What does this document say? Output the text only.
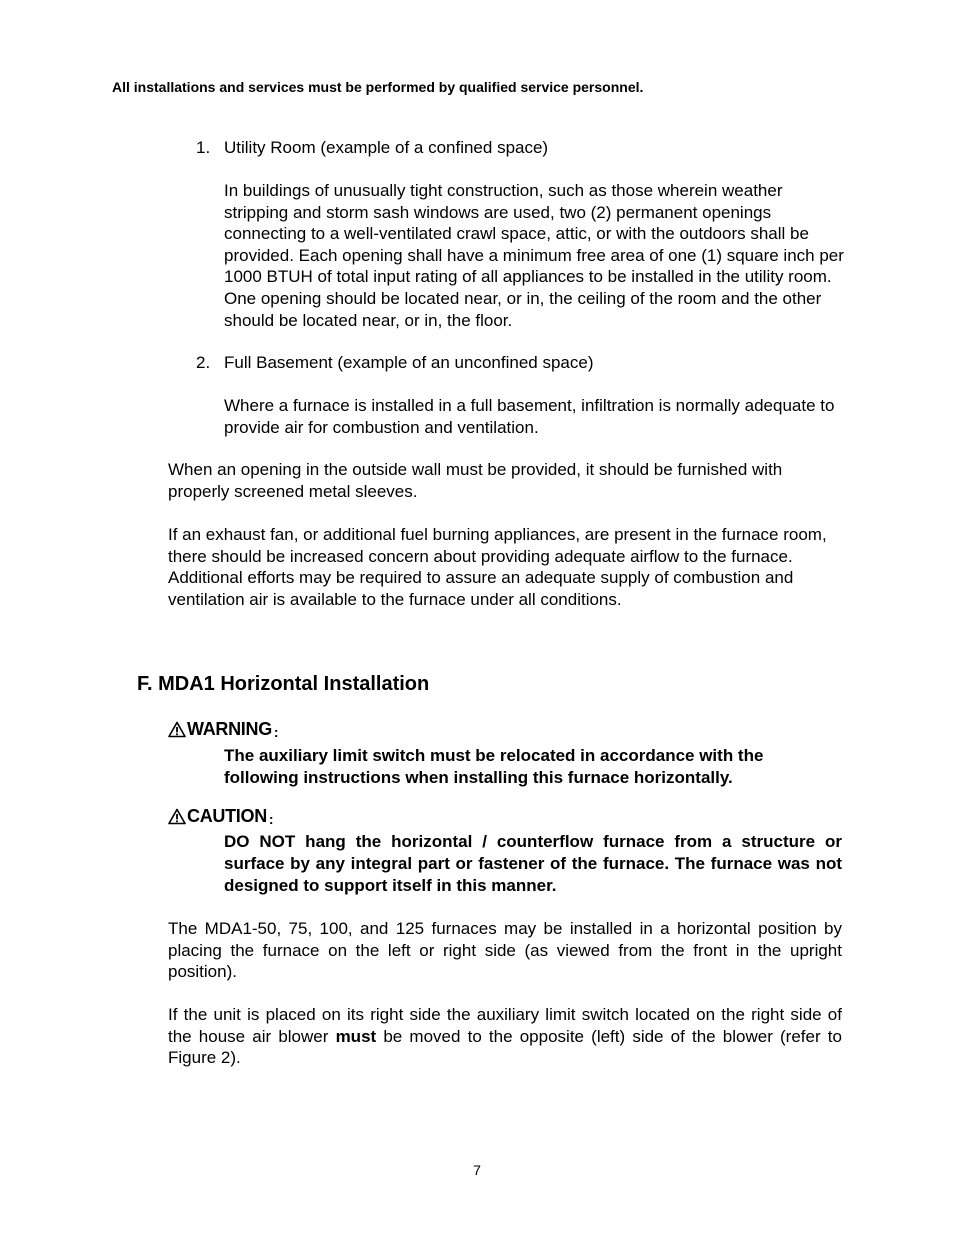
All installations and services must be performed by qualified service personnel.
1. Utility Room (example of a confined space)
In buildings of unusually tight construction, such as those wherein weather stripping and storm sash windows are used, two (2) permanent openings connecting to a well-ventilated crawl space, attic, or with the outdoors shall be provided. Each opening shall have a minimum free area of one (1) square inch per 1000 BTUH of total input rating of all appliances to be installed in the utility room. One opening should be located near, or in, the ceiling of the room and the other should be located near, or in, the floor.
2. Full Basement (example of an unconfined space)
Where a furnace is installed in a full basement, infiltration is normally adequate to provide air for combustion and ventilation.
When an opening in the outside wall must be provided, it should be furnished with properly screened metal sleeves.
If an exhaust fan, or additional fuel burning appliances, are present in the furnace room, there should be increased concern about providing adequate airflow to the furnace. Additional efforts may be required to assure an adequate supply of combustion and ventilation air is available to the furnace under all conditions.
F. MDA1 Horizontal Installation
WARNING :
The auxiliary limit switch must be relocated in accordance with the following instructions when installing this furnace horizontally.
CAUTION :
DO NOT hang the horizontal / counterflow furnace from a structure or surface by any integral part or fastener of the furnace. The furnace was not designed to support itself in this manner.
The MDA1-50, 75, 100, and 125 furnaces may be installed in a horizontal position by placing the furnace on the left or right side (as viewed from the front in the upright position).
If the unit is placed on its right side the auxiliary limit switch located on the right side of the house air blower must be moved to the opposite (left) side of the blower (refer to Figure 2).
7
